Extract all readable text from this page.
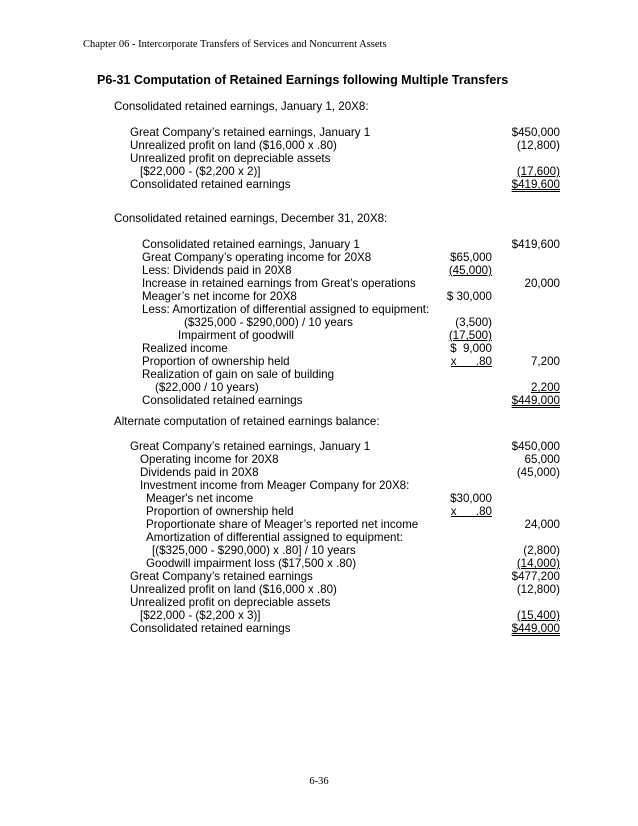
Chapter 06 - Intercorporate Transfers of Services and Noncurrent Assets
P6-31 Computation of Retained Earnings following Multiple Transfers
Consolidated retained earnings, January 1, 20X8:
Great Company’s retained earnings, January 1	$450,000
Unrealized profit on land ($16,000 x .80)	(12,800)
Unrealized profit on depreciable assets
[$22,000 - ($2,200 x 2)]	(17,600)
Consolidated retained earnings	$419,600
Consolidated retained earnings, December 31, 20X8:
Consolidated retained earnings, January 1	$419,600
Great Company’s operating income for 20X8	$65,000
Less: Dividends paid in 20X8	(45,000)
Increase in retained earnings from Great’s operations	20,000
Meager’s net income for 20X8	$ 30,000
Less: Amortization of differential assigned to equipment:
($325,000 - $290,000) / 10 years	(3,500)
Impairment of goodwill	(17,500)
Realized income	$  9,000
Proportion of ownership held	x      .80	7,200
Realization of gain on sale of building
($22,000 / 10 years)	2,200
Consolidated retained earnings	$449,000
Alternate computation of retained earnings balance:
Great Company’s retained earnings, January 1	$450,000
Operating income for 20X8	65,000
Dividends paid in 20X8	(45,000)
Investment income from Meager Company for 20X8:
Meager's net income	$30,000
Proportion of ownership held	x      .80
Proportionate share of Meager’s reported net income	24,000
Amortization of differential assigned to equipment:
[($325,000 - $290,000) x .80] / 10 years	(2,800)
Goodwill impairment loss ($17,500 x .80)	(14,000)
Great Company’s retained earnings	$477,200
Unrealized profit on land ($16,000 x .80)	(12,800)
Unrealized profit on depreciable assets
[$22,000 - ($2,200 x 3)]	(15,400)
Consolidated retained earnings	$449,000
6-36
